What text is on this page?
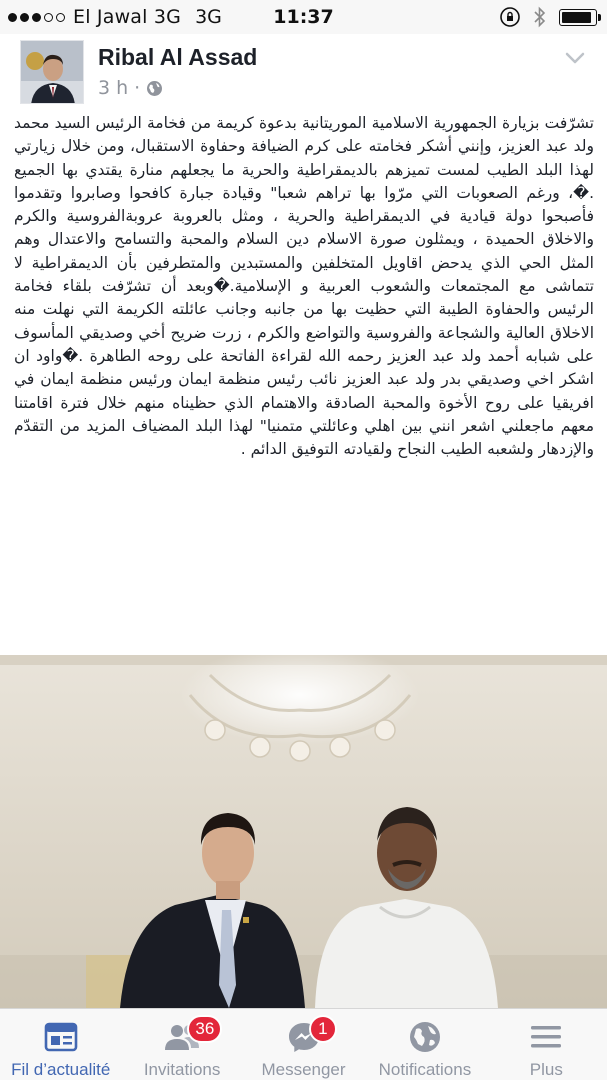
El Jawal 3G 3G	11:37
Ribal Al Assad
3 h ·
تشرّفت بزيارة الجمهورية الاسلامية الموريتانية بدعوة كريمة من فخامة الرئيس السيد محمد ولد عبد العزيز، وإنني أشكر فخامته على كرم الضيافة وحفاوة الاستقبال، ومن خلال زيارتي لهذا البلد الطيب لمست تميزهم بالديمقراطية والحرية ما يجعلهم منارة يقتدي بها الجميع .�، ورغم الصعوبات التي مرّوا بها تراهم شعبا" وقيادة جبارة كافحوا وصابروا وتقدموا فأصبحوا دولة قيادية في الديمقراطية والحرية ، ومثل بالعروبة عروبةالفروسية والكرم والاخلاق الحميدة ، ويمثلون صورة الاسلام دين السلام والمحبة والتسامح والاعتدال وهم المثل الحي الذي يدحض اقاويل المتخلفين والمستبدين والمتطرفين بأن الديمقراطية لا تتماشى مع المجتمعات والشعوب العربية و الإسلامية.�وبعد أن تشرّفت بلقاء فخامة الرئيس والحفاوة الطيبة التي حظيت بها من جانبه وجانب عائلته الكريمة التي نهلت منه الاخلاق العالية والشجاعة والفروسية والتواضع والكرم ، زرت ضريح أخي وصديقي المأسوف على شبابه أحمد ولد عبد العزيز رحمه الله لقراءة الفاتحة على روحه الطاهرة .�واود ان اشكر اخي وصديقي بدر ولد عبد العزيز نائب رئيس منظمة ايمان ورئيس منظمة ايمان في افريقيا على روح الأخوة والمحبة الصادقة والاهتمام الذي حظيناه منهم خلال فترة اقامتنا معهم ماجعلني اشعر انني بين اهلي وعائلتي متمنيا" لهذا البلد المضياف المزيد من التقدّم والإزدهار ولشعبه الطيب النجاح ولقيادته التوفيق الدائم .
Fil d’actualité
36
Invitations
1
Messenger Notifications	Plus
